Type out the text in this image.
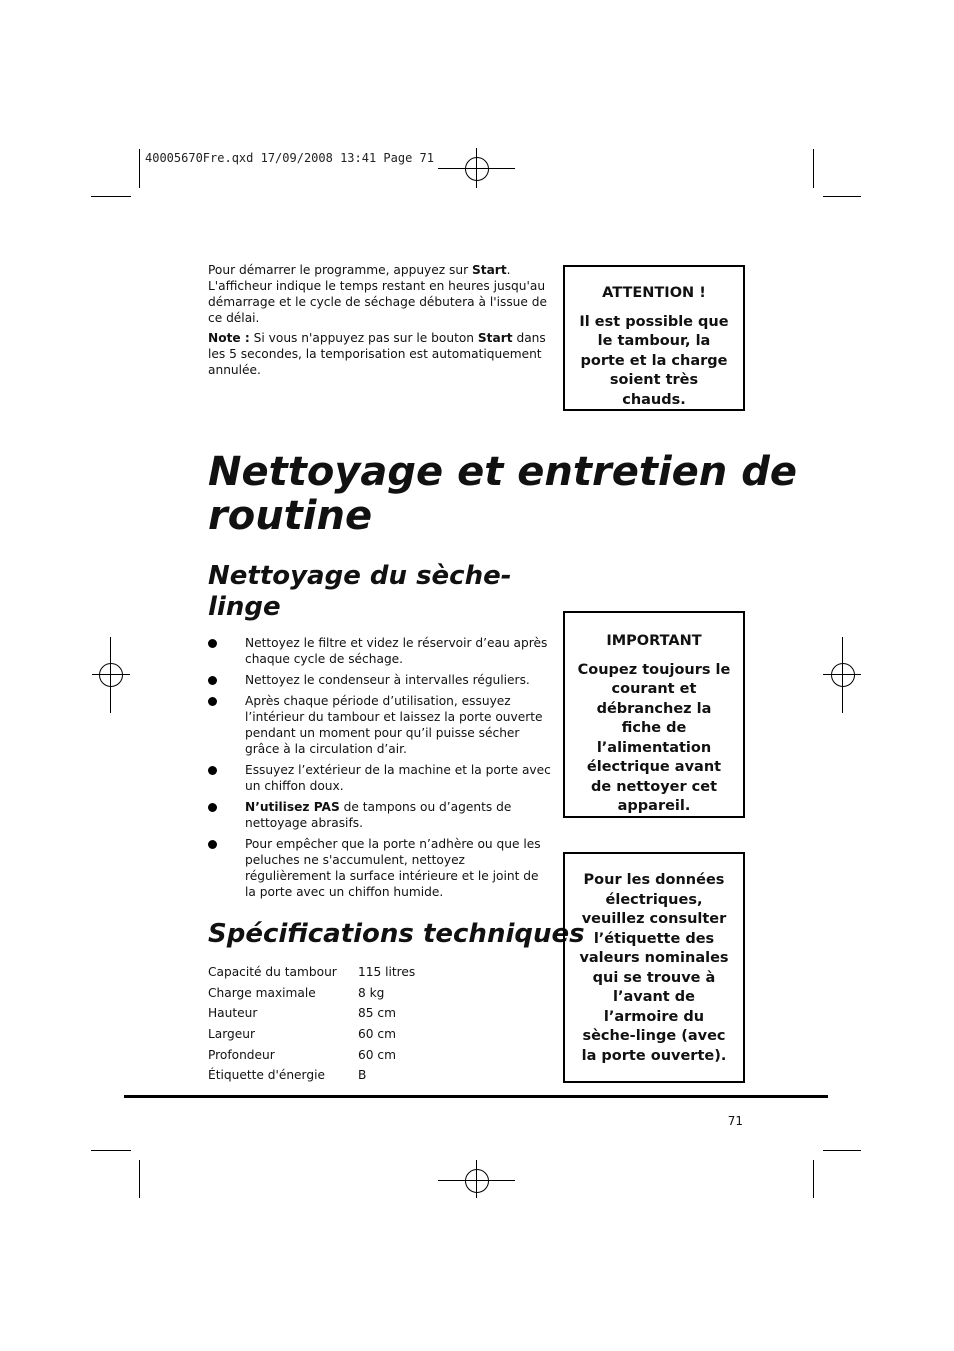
40005670Fre.qxd 17/09/2008 13:41 Page 71

Pour démarrer le programme, appuyez sur Start. L'afficheur indique le temps restant en heures jusqu'au démarrage et le cycle de séchage débutera à l'issue de ce délai.

Note : Si vous n'appuyez pas sur le bouton Start dans les 5 secondes, la temporisation est automatiquement annulée.

ATTENTION !
Il est possible que le tambour, la porte et la charge soient très chauds.
Nettoyage et entretien de routine
Nettoyage du sèche-linge
Nettoyez le filtre et videz le réservoir d’eau après chaque cycle de séchage.
Nettoyez le condenseur à intervalles réguliers.
Après chaque période d’utilisation, essuyez l’intérieur du tambour et laissez la porte ouverte pendant un moment pour qu’il puisse sécher grâce à la circulation d’air.
Essuyez l’extérieur de la machine et la porte avec un chiffon doux.
N’utilisez PAS de tampons ou d’agents de nettoyage abrasifs.
Pour empêcher que la porte n’adhère ou que les peluches ne s'accumulent, nettoyez régulièrement la surface intérieure et le joint de la porte avec un chiffon humide.
IMPORTANT
Coupez toujours le courant et débranchez la fiche de l’alimentation électrique avant de nettoyer cet appareil.
Spécifications techniques
Capacité du tambour	115 litres
Charge maximale	8 kg
Hauteur	85 cm
Largeur	60 cm
Profondeur	60 cm
Étiquette d'énergie	B
Pour les données électriques, veuillez consulter l’étiquette des valeurs nominales qui se trouve à l’avant de l’armoire du sèche-linge (avec la porte ouverte).
71
